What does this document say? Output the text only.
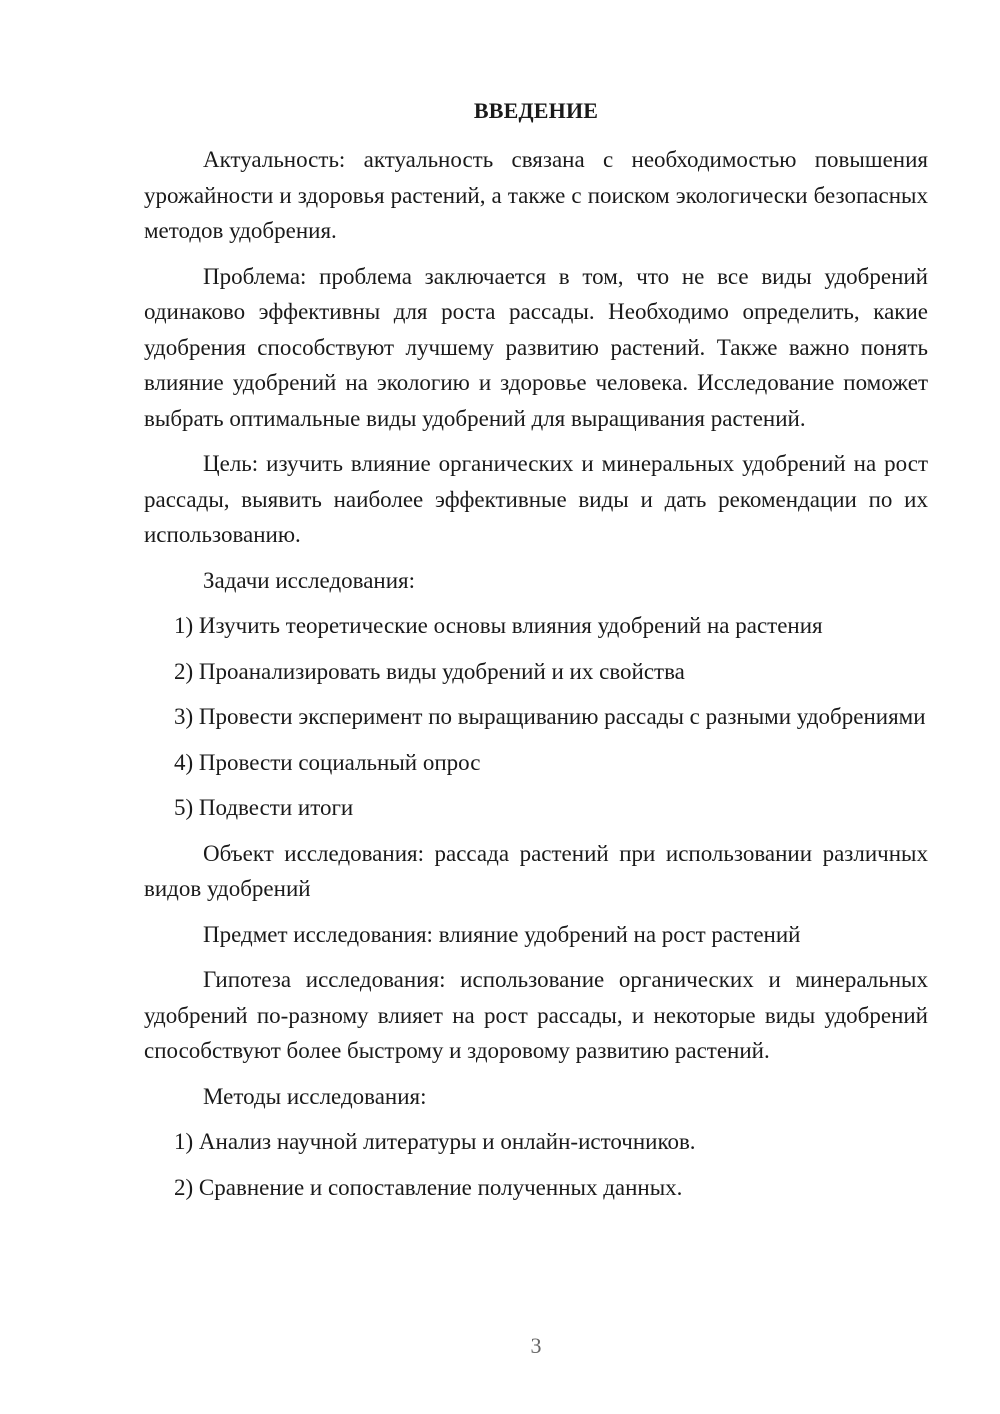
ВВЕДЕНИЕ

Актуальность: актуальность связана с необходимостью повышения урожайности и здоровья растений, а также с поиском экологически безопасных методов удобрения.

Проблема: проблема заключается в том, что не все виды удобрений одинаково эффективны для роста рассады. Необходимо определить, какие удобрения способствуют лучшему развитию растений. Также важно понять влияние удобрений на экологию и здоровье человека. Исследование поможет выбрать оптимальные виды удобрений для выращивания растений.

Цель: изучить влияние органических и минеральных удобрений на рост рассады, выявить наиболее эффективные виды и дать рекомендации по их использованию.

Задачи исследования:

1) Изучить теоретические основы влияния удобрений на растения

2) Проанализировать виды удобрений и их свойства

3) Провести эксперимент по выращиванию рассады с разными удобрениями

4) Провести социальный опрос

5) Подвести итоги

Объект исследования: рассада растений при использовании различных видов удобрений

Предмет исследования: влияние удобрений на рост растений

Гипотеза исследования: использование органических и минеральных удобрений по-разному влияет на рост рассады, и некоторые виды удобрений способствуют более быстрому и здоровому развитию растений.

Методы исследования:

1) Анализ научной литературы и онлайн-источников.

2) Сравнение и сопоставление полученных данных.

3
